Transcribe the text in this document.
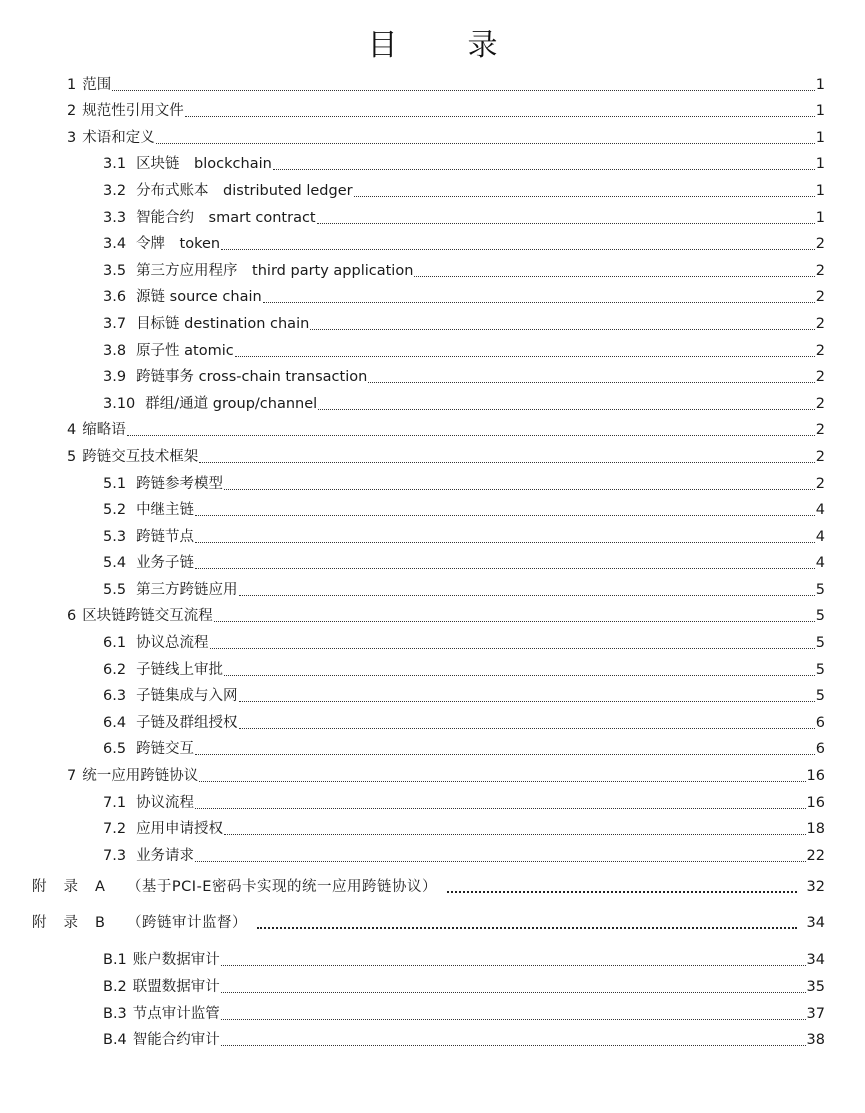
目　录
1 范围	1
2 规范性引用文件	1
3 术语和定义	1
3.1 区块链　blockchain	1
3.2 分布式账本　distributed ledger	1
3.3 智能合约　smart contract	1
3.4 令牌　token	2
3.5 第三方应用程序　third party application	2
3.6 源链 source chain	2
3.7 目标链 destination chain	2
3.8 原子性 atomic	2
3.9 跨链事务 cross-chain transaction	2
3.10 群组/通道 group/channel	2
4 缩略语	2
5 跨链交互技术框架	2
5.1 跨链参考模型	2
5.2 中继主链	4
5.3 跨链节点	4
5.4 业务子链	4
5.5 第三方跨链应用	5
6 区块链跨链交互流程	5
6.1 协议总流程	5
6.2 子链线上审批	5
6.3 子链集成与入网	5
6.4 子链及群组授权	6
6.5 跨链交互	6
7 统一应用跨链协议	16
7.1 协议流程	16
7.2 应用申请授权	18
7.3 业务请求	22
附录A （基于PCI-E密码卡实现的统一应用跨链协议）	32
附录B （跨链审计监督）	34
B.1 账户数据审计	34
B.2 联盟数据审计	35
B.3 节点审计监管	37
B.4 智能合约审计	38
